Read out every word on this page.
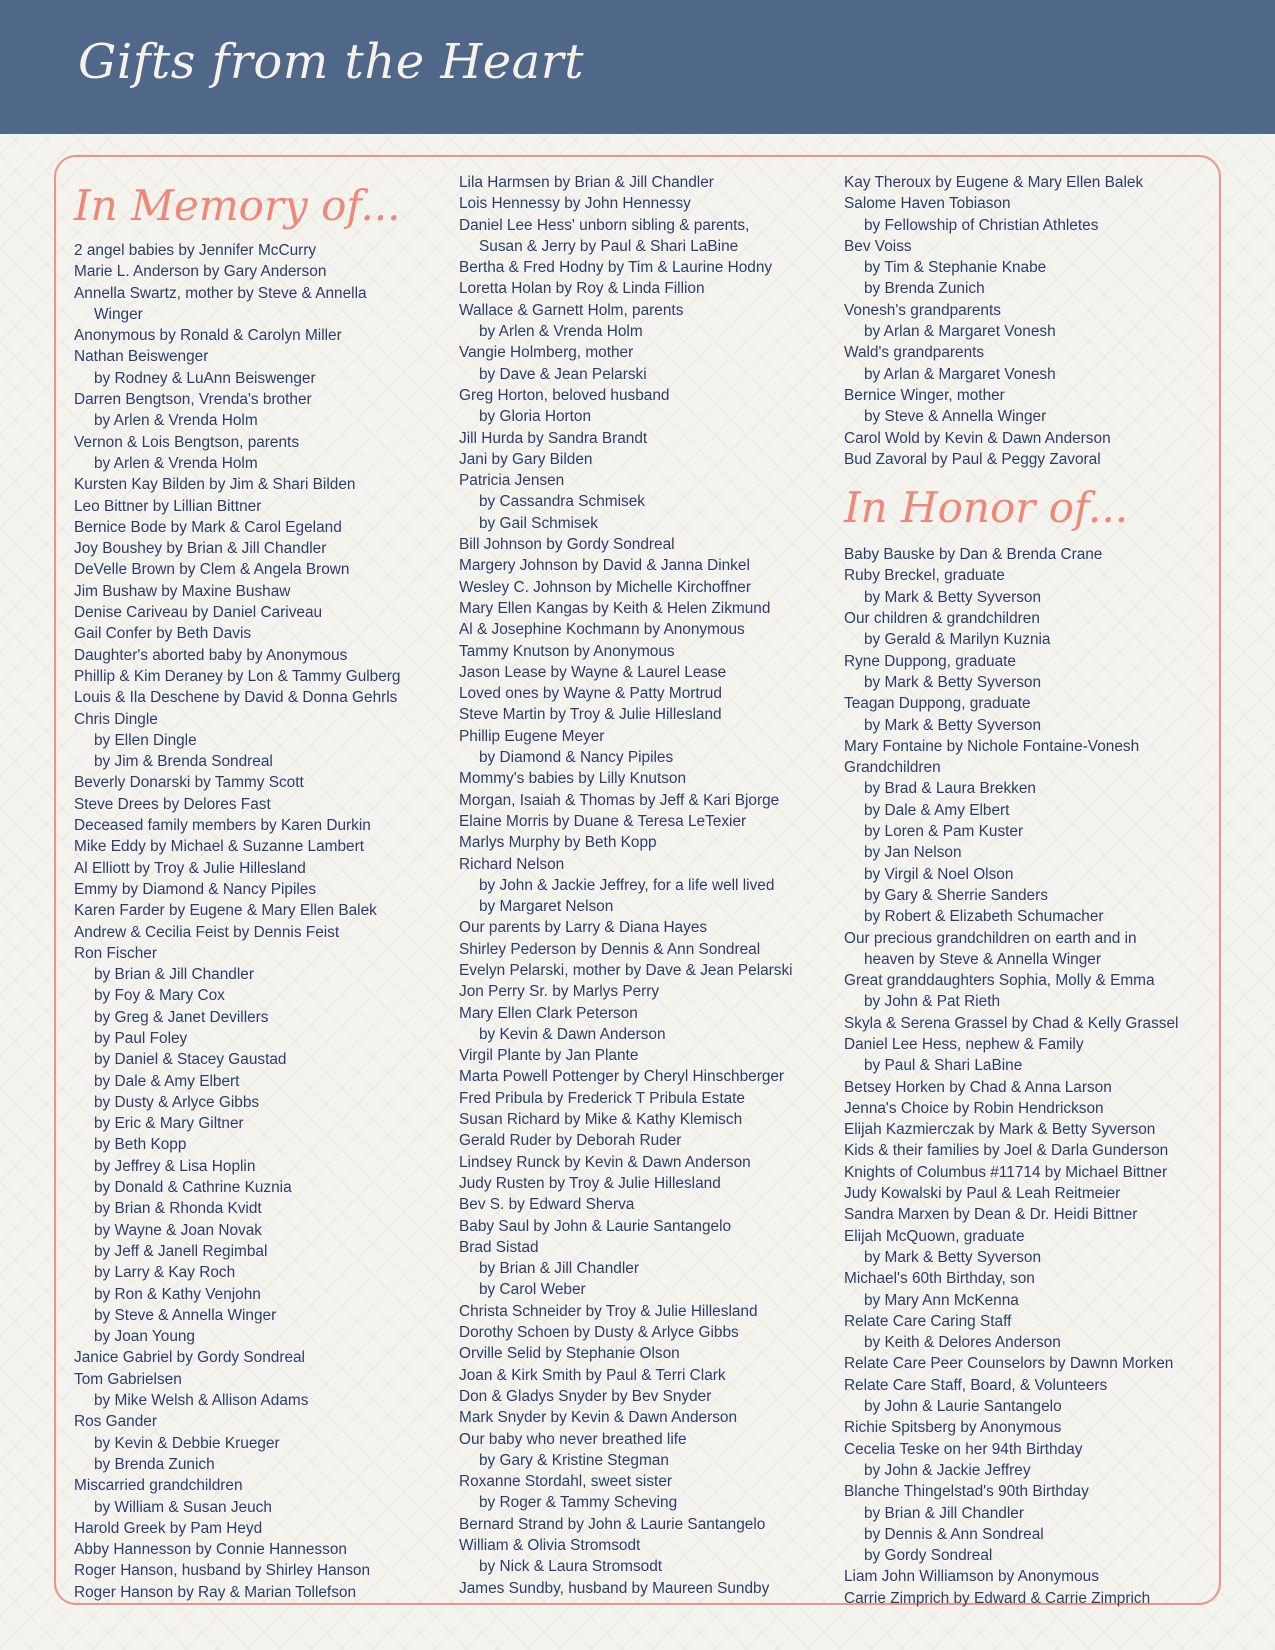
Gifts from the Heart
In Memory of...
2 angel babies by Jennifer McCurry
Marie L. Anderson by Gary Anderson
Annella Swartz, mother by Steve & Annella
Winger
Anonymous by Ronald & Carolyn Miller
Nathan Beiswenger
by Rodney & LuAnn Beiswenger
Darren Bengtson, Vrenda's brother
by Arlen & Vrenda Holm
Vernon & Lois Bengtson, parents
by Arlen & Vrenda Holm
Kursten Kay Bilden by Jim & Shari Bilden
Leo Bittner by Lillian Bittner
Bernice Bode by Mark & Carol Egeland
Joy Boushey by Brian & Jill Chandler
DeVelle Brown by Clem & Angela Brown
Jim Bushaw by Maxine Bushaw
Denise Cariveau by Daniel Cariveau
Gail Confer by Beth Davis
Daughter's aborted baby by Anonymous
Phillip & Kim Deraney by Lon & Tammy Gulberg
Louis & Ila Deschene by David & Donna Gehrls
Chris Dingle
by Ellen Dingle
by Jim & Brenda Sondreal
Beverly Donarski by Tammy Scott
Steve Drees by Delores Fast
Deceased family members by Karen Durkin
Mike Eddy by Michael & Suzanne Lambert
Al Elliott by Troy & Julie Hillesland
Emmy by Diamond & Nancy Pipiles
Karen Farder by Eugene & Mary Ellen Balek
Andrew & Cecilia Feist by Dennis Feist
Ron Fischer
by Brian & Jill Chandler
by Foy & Mary Cox
by Greg & Janet Devillers
by Paul Foley
by Daniel & Stacey Gaustad
by Dale & Amy Elbert
by Dusty & Arlyce Gibbs
by Eric & Mary Giltner
by Beth Kopp
by Jeffrey & Lisa Hoplin
by Donald & Cathrine Kuznia
by Brian & Rhonda Kvidt
by Wayne & Joan Novak
by Jeff & Janell Regimbal
by Larry & Kay Roch
by Ron & Kathy Venjohn
by Steve & Annella Winger
by Joan Young
Janice Gabriel by Gordy Sondreal
Tom Gabrielsen
by Mike Welsh & Allison Adams
Ros Gander
by Kevin & Debbie Krueger
by Brenda Zunich
Miscarried grandchildren
by William & Susan Jeuch
Harold Greek by Pam Heyd
Abby Hannesson by Connie Hannesson
Roger Hanson, husband by Shirley Hanson
Roger Hanson by Ray & Marian Tollefson
Lila Harmsen by Brian & Jill Chandler
Lois Hennessy by John Hennessy
Daniel Lee Hess' unborn sibling & parents,
Susan & Jerry by Paul & Shari LaBine
Bertha & Fred Hodny by Tim & Laurine Hodny
Loretta Holan by Roy & Linda Fillion
Wallace & Garnett Holm, parents
by Arlen & Vrenda Holm
Vangie Holmberg, mother
by Dave & Jean Pelarski
Greg Horton, beloved husband
by Gloria Horton
Jill Hurda by Sandra Brandt
Jani by Gary Bilden
Patricia Jensen
by Cassandra Schmisek
by Gail Schmisek
Bill Johnson by Gordy Sondreal
Margery Johnson by David & Janna Dinkel
Wesley C. Johnson by Michelle Kirchoffner
Mary Ellen Kangas by Keith & Helen Zikmund
Al & Josephine Kochmann by Anonymous
Tammy Knutson by Anonymous
Jason Lease by Wayne & Laurel Lease
Loved ones by Wayne & Patty Mortrud
Steve Martin by Troy & Julie Hillesland
Phillip Eugene Meyer
by Diamond & Nancy Pipiles
Mommy's babies by Lilly Knutson
Morgan, Isaiah & Thomas by Jeff & Kari Bjorge
Elaine Morris by Duane & Teresa LeTexier
Marlys Murphy by Beth Kopp
Richard Nelson
by John & Jackie Jeffrey, for a life well lived
by Margaret Nelson
Our parents by Larry & Diana Hayes
Shirley Pederson by Dennis & Ann Sondreal
Evelyn Pelarski, mother by Dave & Jean Pelarski
Jon Perry Sr. by Marlys Perry
Mary Ellen Clark Peterson
by Kevin & Dawn Anderson
Virgil Plante by Jan Plante
Marta Powell Pottenger by Cheryl Hinschberger
Fred Pribula by Frederick T Pribula Estate
Susan Richard by Mike & Kathy Klemisch
Gerald Ruder by Deborah Ruder
Lindsey Runck by Kevin & Dawn Anderson
Judy Rusten by Troy & Julie Hillesland
Bev S. by Edward Sherva
Baby Saul by John & Laurie Santangelo
Brad Sistad
by Brian & Jill Chandler
by Carol Weber
Christa Schneider by Troy & Julie Hillesland
Dorothy Schoen by Dusty & Arlyce Gibbs
Orville Selid by Stephanie Olson
Joan & Kirk Smith by Paul & Terri Clark
Don & Gladys Snyder by Bev Snyder
Mark Snyder by Kevin & Dawn Anderson
Our baby who never breathed life
by Gary & Kristine Stegman
Roxanne Stordahl, sweet sister
by Roger & Tammy Scheving
Bernard Strand by John & Laurie Santangelo
William & Olivia Stromsodt
by Nick & Laura Stromsodt
James Sundby, husband by Maureen Sundby
Kay Theroux by Eugene & Mary Ellen Balek
Salome Haven Tobiason
by Fellowship of Christian Athletes
Bev Voiss
by Tim & Stephanie Knabe
by Brenda Zunich
Vonesh's grandparents
by Arlan & Margaret Vonesh
Wald's grandparents
by Arlan & Margaret Vonesh
Bernice Winger, mother
by Steve & Annella Winger
Carol Wold by Kevin & Dawn Anderson
Bud Zavoral by Paul & Peggy Zavoral
In Honor of...
Baby Bauske by Dan & Brenda Crane
Ruby Breckel, graduate
by Mark & Betty Syverson
Our children & grandchildren
by Gerald & Marilyn Kuznia
Ryne Duppong, graduate
by Mark & Betty Syverson
Teagan Duppong, graduate
by Mark & Betty Syverson
Mary Fontaine by Nichole Fontaine-Vonesh
Grandchildren
by Brad & Laura Brekken
by Dale & Amy Elbert
by Loren & Pam Kuster
by Jan Nelson
by Virgil & Noel Olson
by Gary & Sherrie Sanders
by Robert & Elizabeth Schumacher
Our precious grandchildren on earth and in
heaven by Steve & Annella Winger
Great granddaughters Sophia, Molly & Emma
by John & Pat Rieth
Skyla & Serena Grassel by Chad & Kelly Grassel
Daniel Lee Hess, nephew & Family
by Paul & Shari LaBine
Betsey Horken by Chad & Anna Larson
Jenna's Choice by Robin Hendrickson
Elijah Kazmierczak by Mark & Betty Syverson
Kids & their families by Joel & Darla Gunderson
Knights of Columbus #11714 by Michael Bittner
Judy Kowalski by Paul & Leah Reitmeier
Sandra Marxen by Dean & Dr. Heidi Bittner
Elijah McQuown, graduate
by Mark & Betty Syverson
Michael's 60th Birthday, son
by Mary Ann McKenna
Relate Care Caring Staff
by Keith & Delores Anderson
Relate Care Peer Counselors by Dawnn Morken
Relate Care Staff, Board, & Volunteers
by John & Laurie Santangelo
Richie Spitsberg by Anonymous
Cecelia Teske on her 94th Birthday
by John & Jackie Jeffrey
Blanche Thingelstad's 90th Birthday
by Brian & Jill Chandler
by Dennis & Ann Sondreal
by Gordy Sondreal
Liam John Williamson by Anonymous
Carrie Zimprich by Edward & Carrie Zimprich
